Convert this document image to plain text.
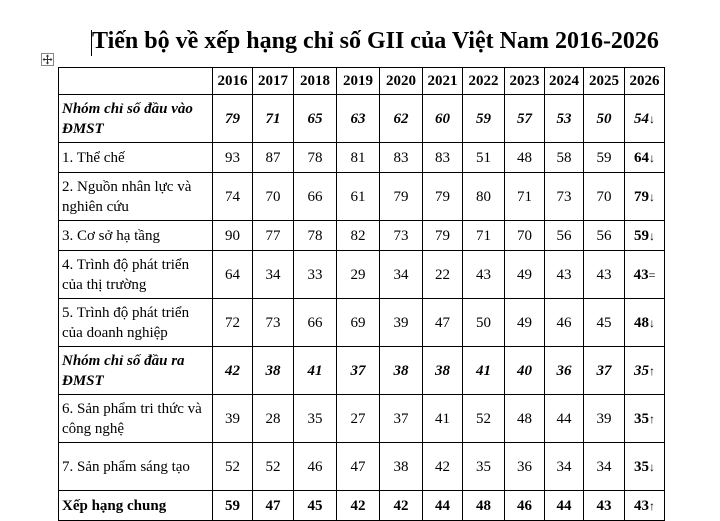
Tiến bộ về xếp hạng chỉ số GII của Việt Nam 2016-2026
	2016	2017	2018	2019	2020	2021	2022	2023	2024	2025	2026
Nhóm chỉ số đầu vào ĐMST	79	71	65	63	62	60	59	57	53	50	54↓
1. Thể chế	93	87	78	81	83	83	51	48	58	59	64↓
2. Nguồn nhân lực và nghiên cứu	74	70	66	61	79	79	80	71	73	70	79↓
3. Cơ sở hạ tầng	90	77	78	82	73	79	71	70	56	56	59↓
4. Trình độ phát triển của thị trường	64	34	33	29	34	22	43	49	43	43	43=
5. Trình độ phát triển của doanh nghiệp	72	73	66	69	39	47	50	49	46	45	48↓
Nhóm chỉ số đầu ra ĐMST	42	38	41	37	38	38	41	40	36	37	35↑
6. Sản phẩm tri thức và công nghệ	39	28	35	27	37	41	52	48	44	39	35↑
7. Sản phẩm sáng tạo	52	52	46	47	38	42	35	36	34	34	35↓
Xếp hạng chung	59	47	45	42	42	44	48	46	44	43	43↑
